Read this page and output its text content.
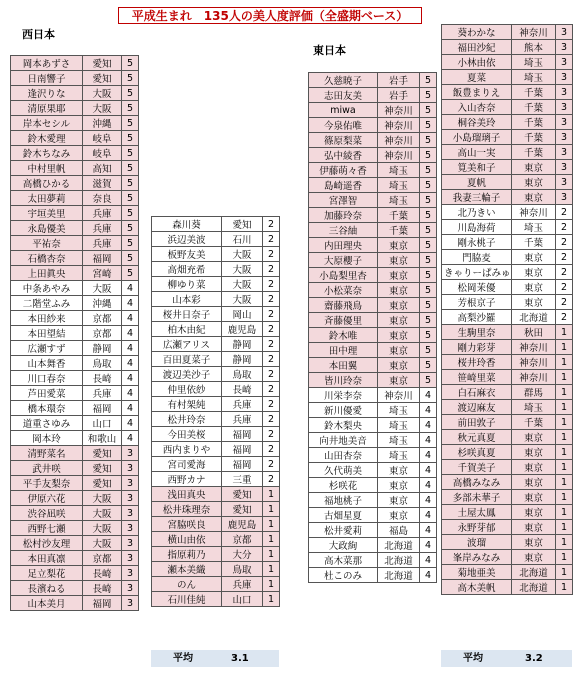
平成生まれ　135人の美人度評価（全盛期ベース）
西日本
東日本
岡本あずさ	愛知	5
日南響子	愛知	5
逢沢りな	大阪	5
清原果耶	大阪	5
岸本セシル	沖縄	5
鈴木愛理	岐阜	5
鈴木ちなみ	岐阜	5
中村里帆	高知	5
高橋ひかる	滋賀	5
太田夢莉	奈良	5
宇垣美里	兵庫	5
永島優美	兵庫	5
平祐奈	兵庫	5
石橋杏奈	福岡	5
上田眞央	宮崎	5
中条あやみ	大阪	4
二階堂ふみ	沖縄	4
本田紗来	京都	4
本田望結	京都	4
広瀬すず	静岡	4
山本舞香	鳥取	4
川口春奈	長崎	4
芦田愛菜	兵庫	4
橋本環奈	福岡	4
道重さゆみ	山口	4
岡本玲	和歌山	4
清野菜名	愛知	3
武井咲	愛知	3
平手友梨奈	愛知	3
伊原六花	大阪	3
渋谷凪咲	大阪	3
西野七瀬	大阪	3
松村沙友理	大阪	3
本田真凛	京都	3
足立梨花	長崎	3
長濱ねる	長崎	3
山本美月	福岡	3
森川葵	愛知	2
浜辺美波	石川	2
板野友美	大阪	2
高畑充希	大阪	2
柳ゆり菜	大阪	2
山本彩	大阪	2
桜井日奈子	岡山	2
柏木由紀	鹿児島	2
広瀬アリス	静岡	2
百田夏菜子	静岡	2
渡辺美沙子	鳥取	2
仲里依紗	長崎	2
有村架純	兵庫	2
松井玲奈	兵庫	2
今田美桜	福岡	2
西内まりや	福岡	2
宮司愛海	福岡	2
西野カナ	三重	2
浅田真央	愛知	1
松井珠理奈	愛知	1
宮脇咲良	鹿児島	1
横山由依	京都	1
指原莉乃	大分	1
瀬本美織	鳥取	1
のん	兵庫	1
石川佳純	山口	1
久慈暁子	岩手	5
志田友美	岩手	5
miwa	神奈川	5
今泉佑唯	神奈川	5
篠原梨菜	神奈川	5
弘中綾香	神奈川	5
伊藤萌々香	埼玉	5
島崎遥香	埼玉	5
宮澤智	埼玉	5
加藤玲奈	千葉	5
三谷紬	千葉	5
内田理央	東京	5
大原櫻子	東京	5
小島梨里杏	東京	5
小松菜奈	東京	5
齋藤飛鳥	東京	5
斉藤優里	東京	5
鈴木唯	東京	5
田中理	東京	5
本田翼	東京	5
皆川玲奈	東京	5
川栄李奈	神奈川	4
新川優愛	埼玉	4
鈴木梨央	埼玉	4
向井地美音	埼玉	4
山田杏奈	埼玉	4
久代萌美	東京	4
杉咲花	東京	4
福地桃子	東京	4
古畑星夏	東京	4
松井愛莉	福島	4
大政絢	北海道	4
高木菜那	北海道	4
杜このみ	北海道	4
葵わかな	神奈川	3
福田沙紀	熊本	3
小林由依	埼玉	3
夏菜	埼玉	3
飯豊まりえ	千葉	3
入山杏奈	千葉	3
桐谷美玲	千葉	3
小島瑠璃子	千葉	3
高山一実	千葉	3
筧美和子	東京	3
夏帆	東京	3
我妻三輪子	東京	3
北乃きい	神奈川	2
川島海荷	埼玉	2
剛永桃子	千葉	2
門脇麦	東京	2
きゃりーぱみゅ	東京	2
松岡茉優	東京	2
芳根京子	東京	2
高梨沙羅	北海道	2
生駒里奈	秋田	1
剛力彩芽	神奈川	1
桜井玲香	神奈川	1
笹崎里菜	神奈川	1
白石麻衣	群馬	1
渡辺麻友	埼玉	1
前田敦子	千葉	1
秋元真夏	東京	1
杉咲真夏	東京	1
千賀美子	東京	1
高橋みなみ	東京	1
多部未華子	東京	1
土屋太鳳	東京	1
永野芽郁	東京	1
波瑠	東京	1
峯岸みなみ	東京	1
菊地亜美	北海道	1
高木美帆	北海道	1
平均	3.1	平均	3.2
